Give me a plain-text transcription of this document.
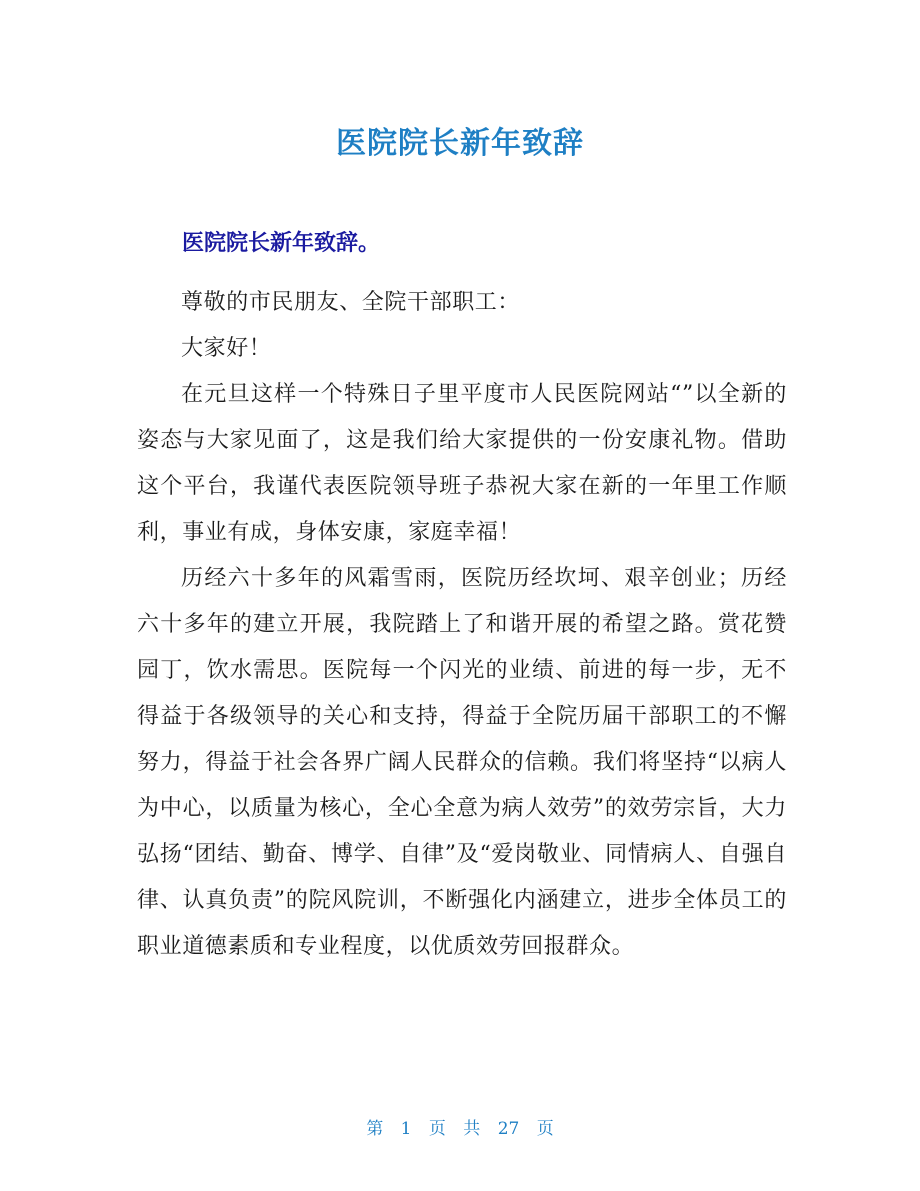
医院院长新年致辞
医院院长新年致辞。

尊敬的市民朋友、全院干部职工：

大家好！

在元旦这样一个特殊日子里平度市人民医院网站“”以全新的姿态与大家见面了，这是我们给大家提供的一份安康礼物。借助这个平台，我谨代表医院领导班子恭祝大家在新的一年里工作顺利，事业有成，身体安康，家庭幸福！

历经六十多年的风霜雪雨，医院历经坎坷、艰辛创业；历经六十多年的建立开展，我院踏上了和谐开展的希望之路。赏花赞园丁，饮水需思。医院每一个闪光的业绩、前进的每一步，无不得益于各级领导的关心和支持，得益于全院历届干部职工的不懈努力，得益于社会各界广阔人民群众的信赖。我们将坚持“以病人为中心，以质量为核心，全心全意为病人效劳”的效劳宗旨，大力弘扬“团结、勤奋、博学、自律”及“爱岗敬业、同情病人、自强自律、认真负责”的院风院训，不断强化内涵建立，进步全体员工的职业道德素质和专业程度，以优质效劳回报群众。

第 1 页 共 27 页
